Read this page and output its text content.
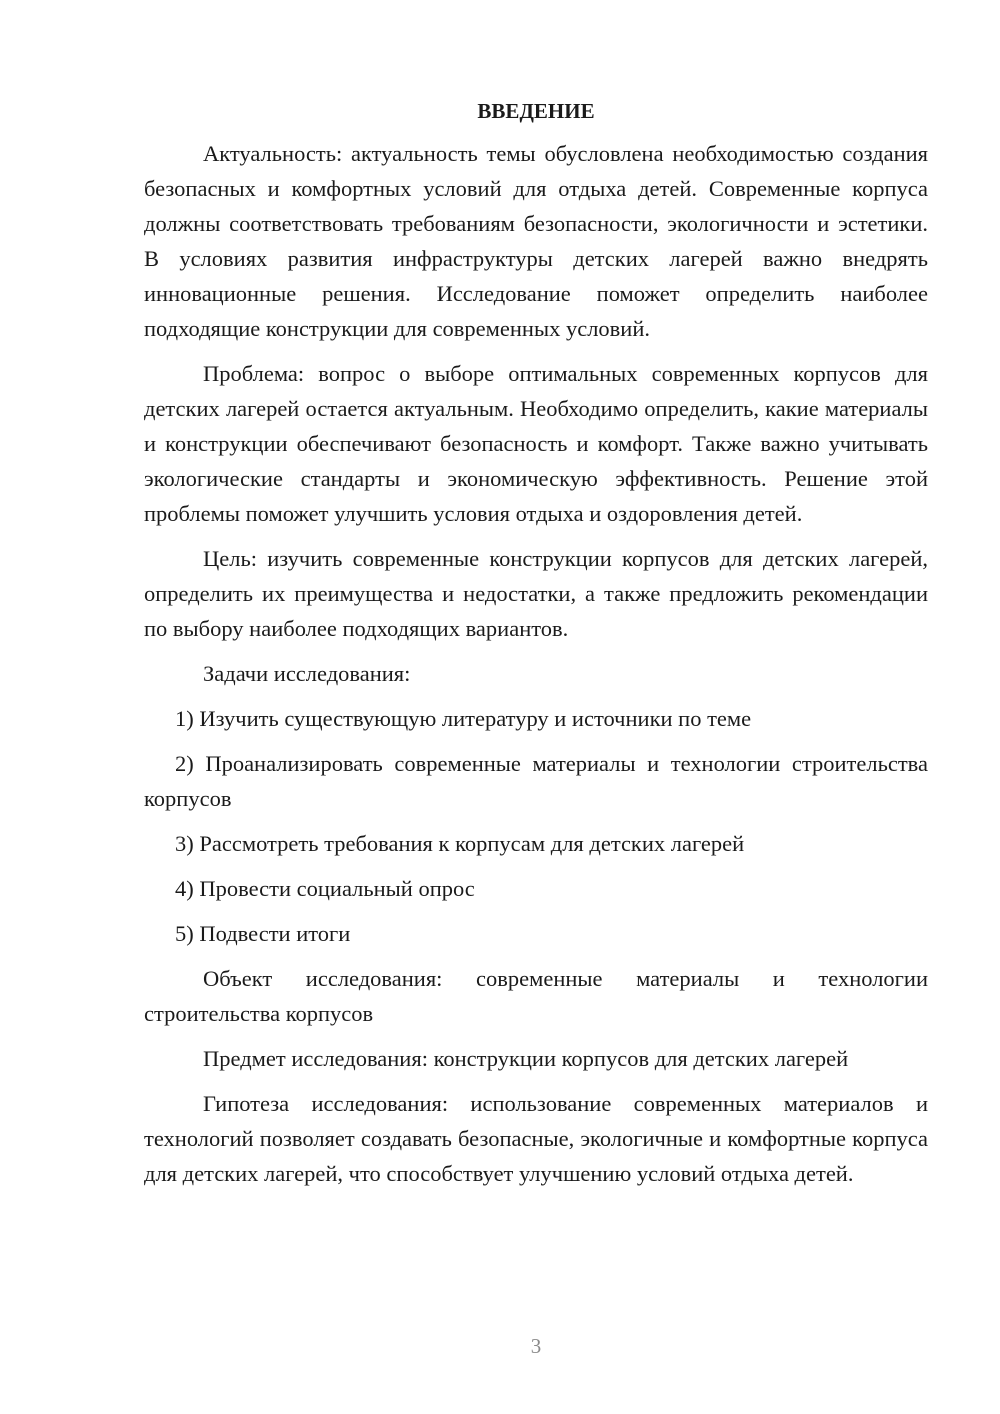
ВВЕДЕНИЕ

Актуальность: актуальность темы обусловлена необходимостью создания безопасных и комфортных условий для отдыха детей. Современные корпуса должны соответствовать требованиям безопасности, экологичности и эстетики. В условиях развития инфраструктуры детских лагерей важно внедрять инновационные решения. Исследование поможет определить наиболее подходящие конструкции для современных условий.

Проблема: вопрос о выборе оптимальных современных корпусов для детских лагерей остается актуальным. Необходимо определить, какие материалы и конструкции обеспечивают безопасность и комфорт. Также важно учитывать экологические стандарты и экономическую эффективность. Решение этой проблемы поможет улучшить условия отдыха и оздоровления детей.

Цель: изучить современные конструкции корпусов для детских лагерей, определить их преимущества и недостатки, а также предложить рекомендации по выбору наиболее подходящих вариантов.

Задачи исследования:

1) Изучить существующую литературу и источники по теме

2) Проанализировать современные материалы и технологии строительства корпусов

3) Рассмотреть требования к корпусам для детских лагерей

4) Провести социальный опрос

5) Подвести итоги

Объект исследования: современные материалы и технологии строительства корпусов

Предмет исследования: конструкции корпусов для детских лагерей

Гипотеза исследования: использование современных материалов и технологий позволяет создавать безопасные, экологичные и комфортные корпуса для детских лагерей, что способствует улучшению условий отдыха детей.

3
